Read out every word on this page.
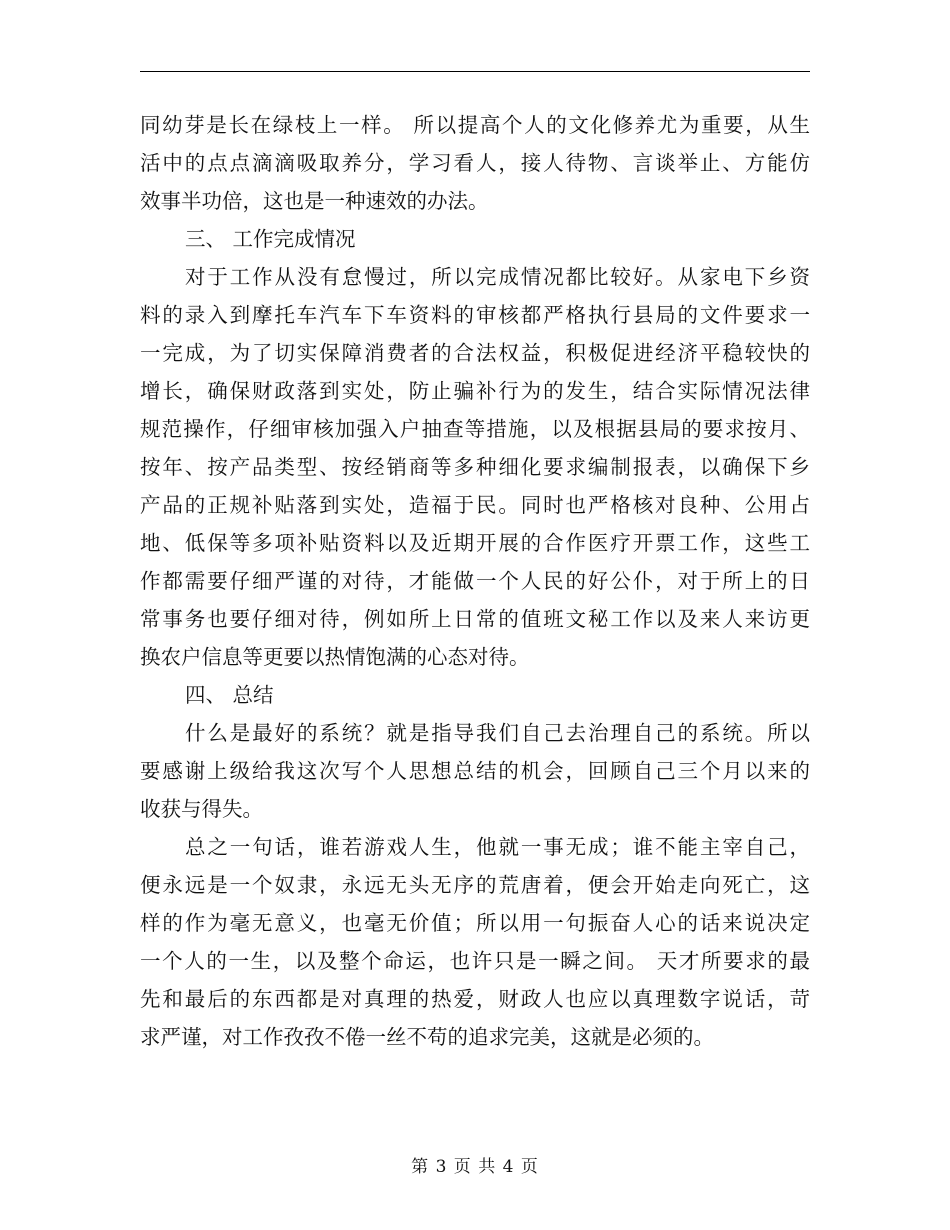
同幼芽是长在绿枝上一样。 所以提高个人的文化修养尤为重要，从生
活中的点点滴滴吸取养分，学习看人，接人待物、言谈举止、方能仿
效事半功倍，这也是一种速效的办法。
三、 工作完成情况
对于工作从没有怠慢过，所以完成情况都比较好。从家电下乡资
料的录入到摩托车汽车下车资料的审核都严格执行县局的文件要求一
一完成，为了切实保障消费者的合法权益，积极促进经济平稳较快的
增长，确保财政落到实处，防止骗补行为的发生，结合实际情况法律
规范操作，仔细审核加强入户抽查等措施，以及根据县局的要求按月、
按年、按产品类型、按经销商等多种细化要求编制报表，以确保下乡
产品的正规补贴落到实处，造福于民。同时也严格核对良种、公用占
地、低保等多项补贴资料以及近期开展的合作医疗开票工作，这些工
作都需要仔细严谨的对待，才能做一个人民的好公仆，对于所上的日
常事务也要仔细对待，例如所上日常的值班文秘工作以及来人来访更
换农户信息等更要以热情饱满的心态对待。
四、 总结
什么是最好的系统？就是指导我们自己去治理自己的系统。所以
要感谢上级给我这次写个人思想总结的机会，回顾自己三个月以来的
收获与得失。
总之一句话，谁若游戏人生，他就一事无成；谁不能主宰自己，
便永远是一个奴隶，永远无头无序的荒唐着，便会开始走向死亡，这
样的作为毫无意义，也毫无价值；所以用一句振奋人心的话来说决定
一个人的一生，以及整个命运，也许只是一瞬之间。 天才所要求的最
先和最后的东西都是对真理的热爱，财政人也应以真理数字说话，苛
求严谨，对工作孜孜不倦一丝不苟的追求完美，这就是必须的。
第 3 页 共 4 页
